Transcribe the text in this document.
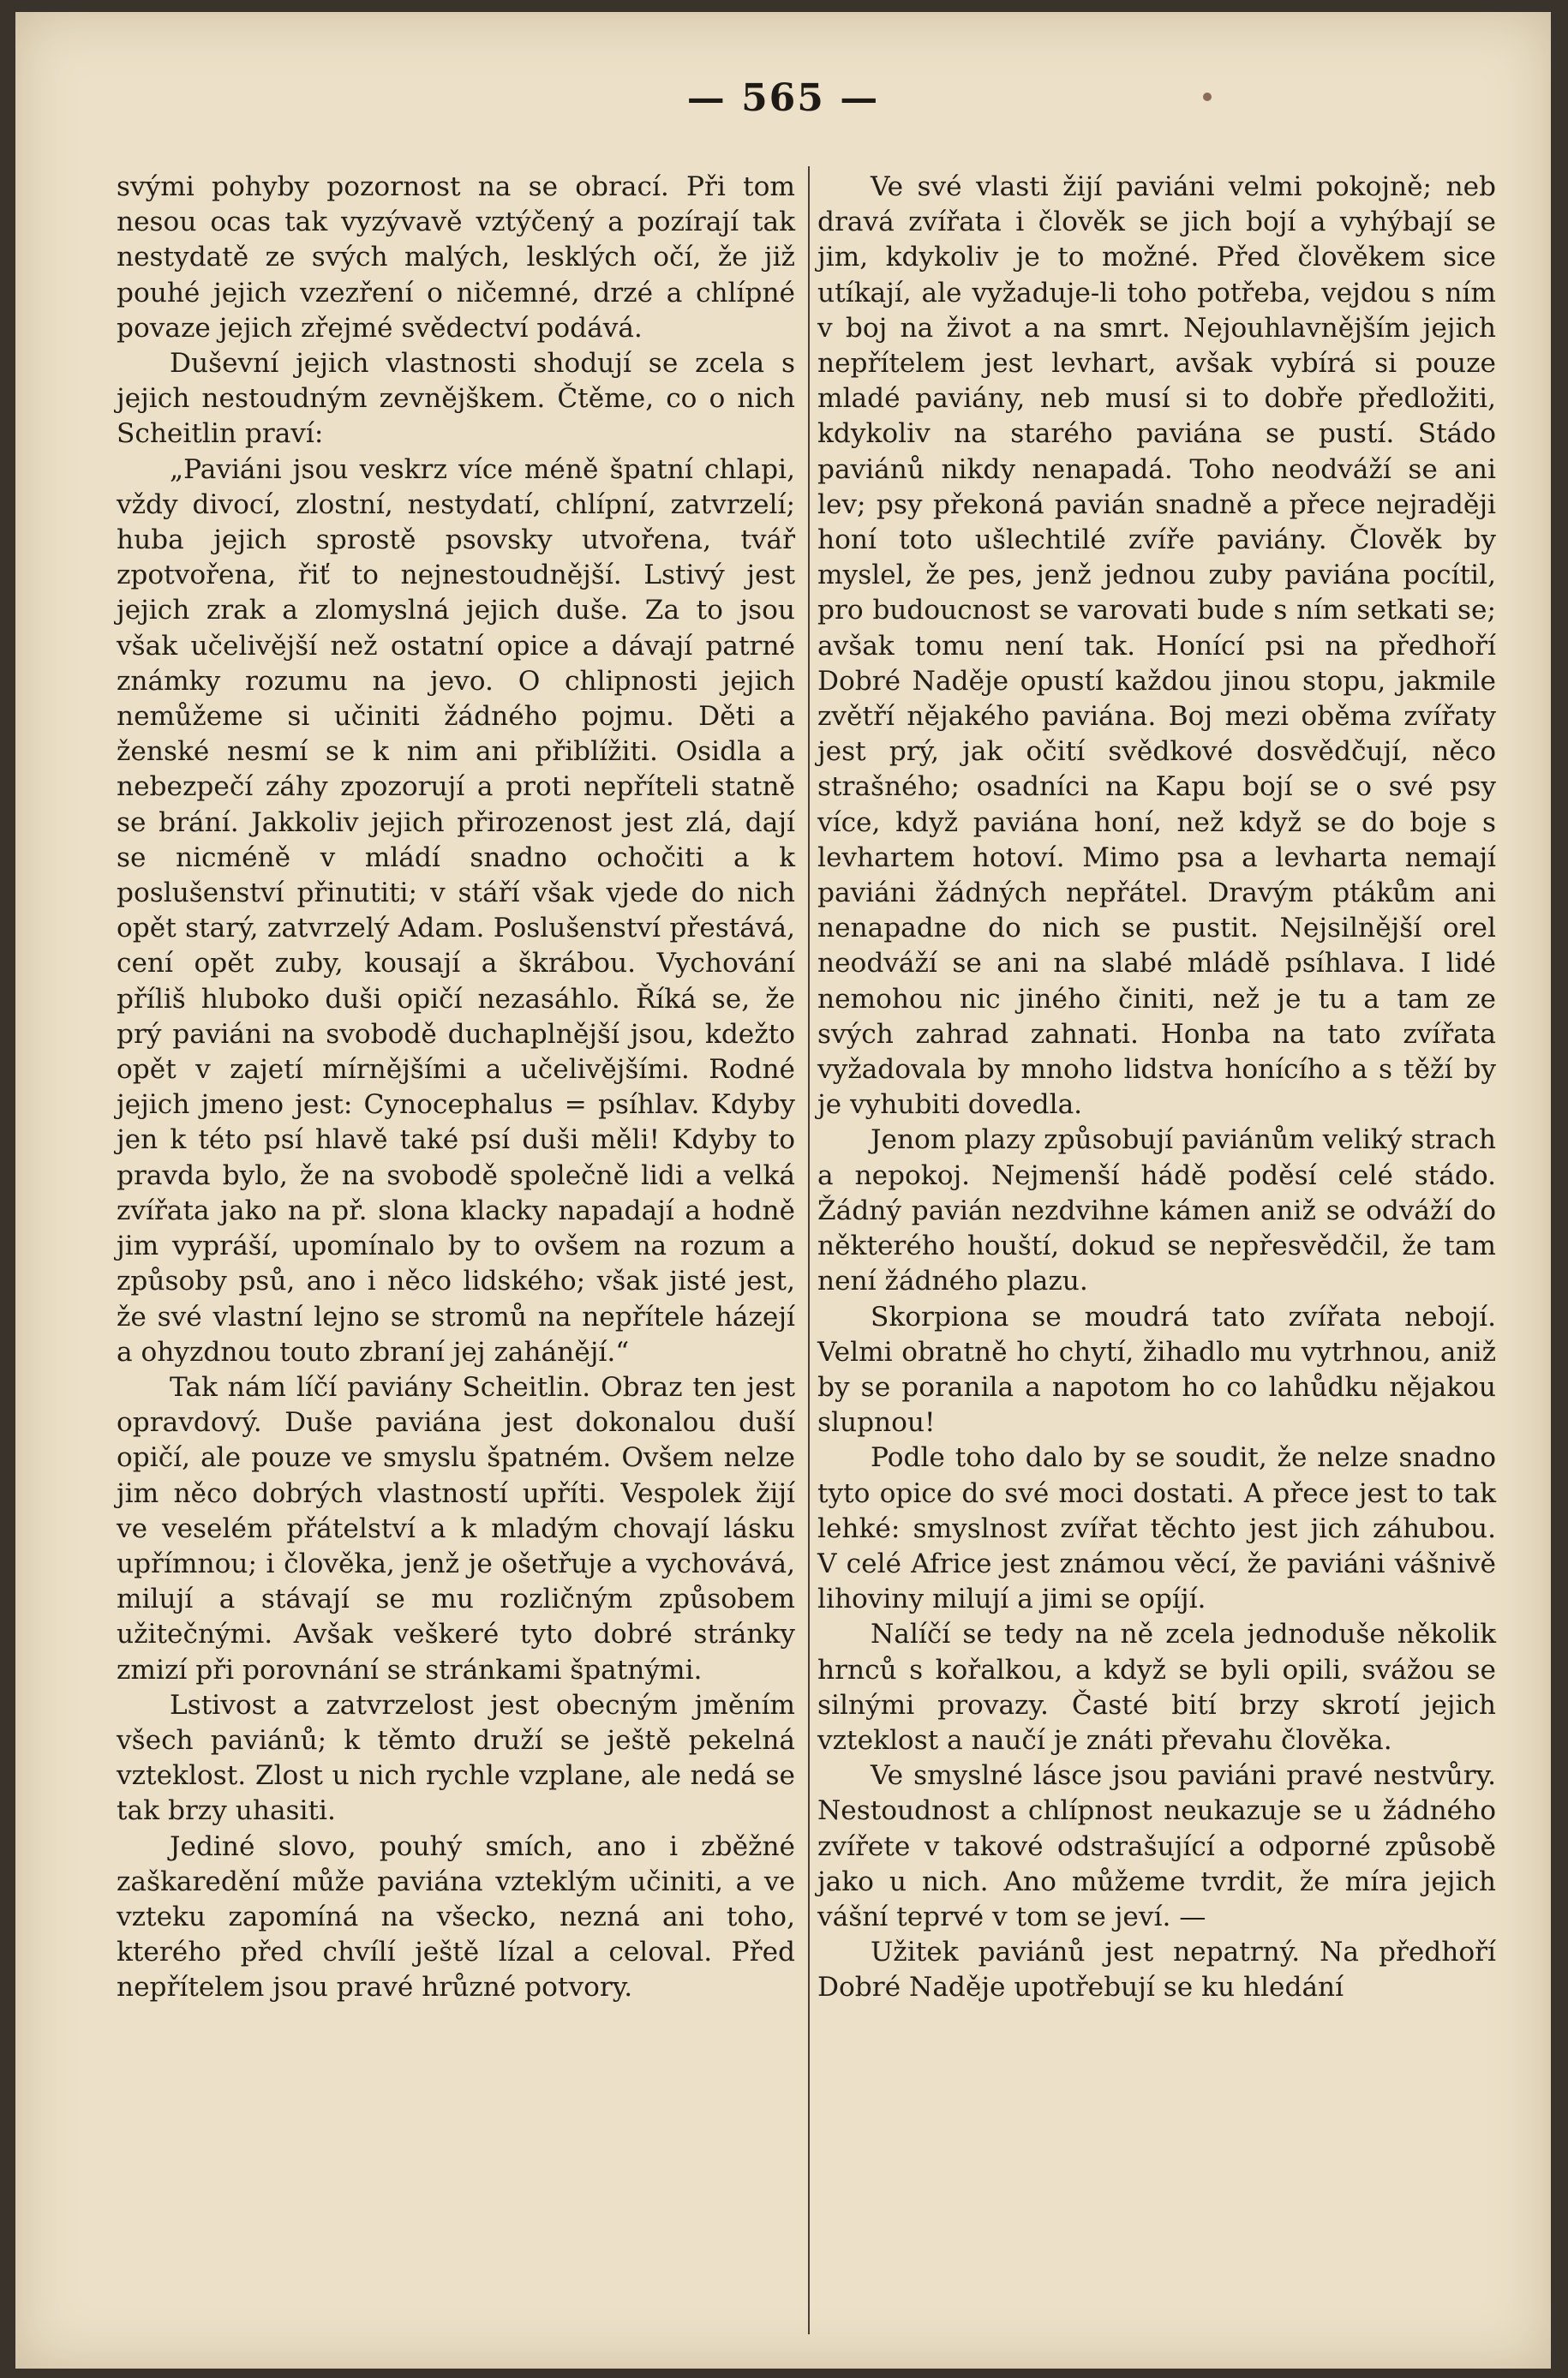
— 565 —

svými pohyby pozornost na se obrací. Při tom nesou ocas tak vyzývavě vztýčený a pozírají tak nestydatě ze svých malých, lesklých očí, že již pouhé jejich vzezření o ničemné, drzé a chlípné povaze jejich zřejmé svědectví podává.

Duševní jejich vlastnosti shodují se zcela s jejich nestoudným zevnějškem. Čtěme, co o nich Scheitlin praví:

„Paviáni jsou veskrz více méně špatní chlapi, vždy divocí, zlostní, nestydatí, chlípní, zatvrzelí; huba jejich sprostě psovsky utvořena, tvář zpotvořena, řiť to nejnestoudnější. Lstivý jest jejich zrak a zlomyslná jejich duše. Za to jsou však učelivější než ostatní opice a dávají patrné známky rozumu na jevo. O chlipnosti jejich nemůžeme si učiniti žádného pojmu. Děti a ženské nesmí se k nim ani přiblížiti. Osidla a nebezpečí záhy zpozorují a proti nepříteli statně se brání. Jakkoliv jejich přirozenost jest zlá, dají se nicméně v mládí snadno ochočiti a k poslušenství přinutiti; v stáří však vjede do nich opět starý, zatvrzelý Adam. Poslušenství přestává, cení opět zuby, kousají a škrábou. Vychování příliš hluboko duši opičí nezasáhlo. Říká se, že prý paviáni na svobodě duchaplnější jsou, kdežto opět v zajetí mírnějšími a učelivějšími. Rodné jejich jmeno jest: Cynocephalus = psíhlav. Kdyby jen k této psí hlavě také psí duši měli! Kdyby to pravda bylo, že na svobodě společně lidi a velká zvířata jako na př. slona klacky napadají a hodně jim vypráší, upomínalo by to ovšem na rozum a způsoby psů, ano i něco lidského; však jisté jest, že své vlastní lejno se stromů na nepřítele házejí a ohyzdnou touto zbraní jej zahánějí.“

Tak nám líčí paviány Scheitlin. Obraz ten jest opravdový. Duše paviána jest dokonalou duší opičí, ale pouze ve smyslu špatném. Ovšem nelze jim něco dobrých vlastností upříti. Vespolek žijí ve veselém přátelství a k mladým chovají lásku upřímnou; i člověka, jenž je ošetřuje a vychovává, milují a stávají se mu rozličným způsobem užitečnými. Avšak veškeré tyto dobré stránky zmizí při porovnání se stránkami špatnými.

Lstivost a zatvrzelost jest obecným jměním všech paviánů; k těmto druží se ještě pekelná vzteklost. Zlost u nich rychle vzplane, ale nedá se tak brzy uhasiti.

Jediné slovo, pouhý smích, ano i zběžné zaškaredění může paviána vzteklým učiniti, a ve vzteku zapomíná na všecko, nezná ani toho, kterého před chvílí ještě lízal a celoval. Před nepřítelem jsou pravé hrůzné potvory.

Ve své vlasti žijí paviáni velmi pokojně; neb dravá zvířata i člověk se jich bojí a vyhýbají se jim, kdykoliv je to možné. Před člověkem sice utíkají, ale vyžaduje-li toho potřeba, vejdou s ním v boj na život a na smrt. Nejouhlavnějším jejich nepřítelem jest levhart, avšak vybírá si pouze mladé paviány, neb musí si to dobře předložiti, kdykoliv na starého paviána se pustí. Stádo paviánů nikdy nenapadá. Toho neodváží se ani lev; psy překoná pavián snadně a přece nejraději honí toto ušlechtilé zvíře paviány. Člověk by myslel, že pes, jenž jednou zuby paviána pocítil, pro budoucnost se varovati bude s ním setkati se; avšak tomu není tak. Honící psi na předhoří Dobré Naděje opustí každou jinou stopu, jakmile zvětří nějakého paviána. Boj mezi oběma zvířaty jest prý, jak očití svědkové dosvědčují, něco strašného; osadníci na Kapu bojí se o své psy více, když paviána honí, než když se do boje s levhartem hotoví. Mimo psa a levharta nemají paviáni žádných nepřátel. Dravým ptákům ani nenapadne do nich se pustit. Nejsilnější orel neodváží se ani na slabé mládě psíhlava. I lidé nemohou nic jiného činiti, než je tu a tam ze svých zahrad zahnati. Honba na tato zvířata vyžadovala by mnoho lidstva honícího a s těží by je vyhubiti dovedla.

Jenom plazy způsobují paviánům veliký strach a nepokoj. Nejmenší hádě poděsí celé stádo. Žádný pavián nezdvihne kámen aniž se odváží do některého houští, dokud se nepřesvědčil, že tam není žádného plazu.

Skorpiona se moudrá tato zvířata nebojí. Velmi obratně ho chytí, žihadlo mu vytrhnou, aniž by se poranila a napotom ho co lahůdku nějakou slupnou!

Podle toho dalo by se soudit, že nelze snadno tyto opice do své moci dostati. A přece jest to tak lehké: smyslnost zvířat těchto jest jich záhubou. V celé Africe jest známou věcí, že paviáni vášnivě lihoviny milují a jimi se opíjí.

Nalíčí se tedy na ně zcela jednoduše několik hrnců s kořalkou, a když se byli opili, svážou se silnými provazy. Časté bití brzy skrotí jejich vzteklost a naučí je znáti převahu člověka.

Ve smyslné lásce jsou paviáni pravé nestvůry. Nestoudnost a chlípnost neukazuje se u žádného zvířete v takové odstrašující a odporné způsobě jako u nich. Ano můžeme tvrdit, že míra jejich vášní teprvé v tom se jeví. —

Užitek paviánů jest nepatrný. Na předhoří Dobré Naděje upotřebují se ku hledání
